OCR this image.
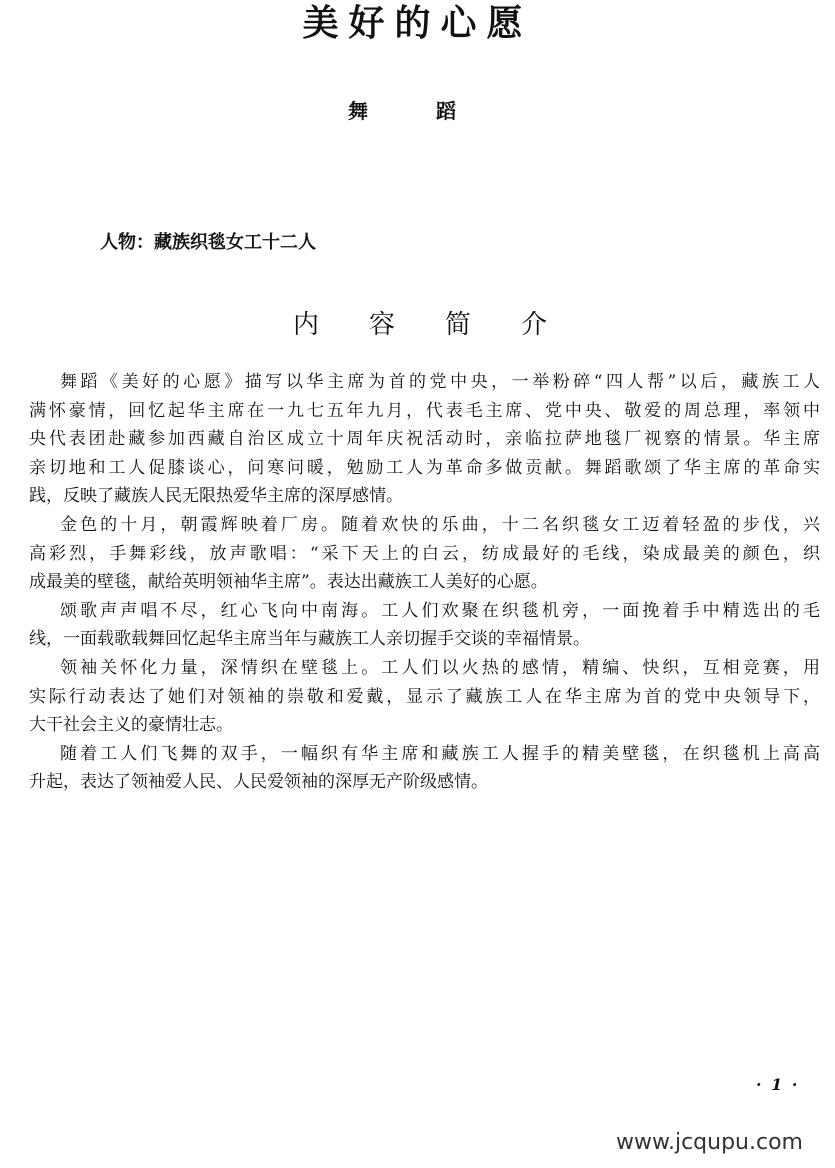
美好的心愿
舞蹈
人物：藏族织毯女工十二人
内容简介
舞蹈《美好的心愿》描写以华主席为首的党中央，一举粉碎“四人帮”以后，藏族工人
满怀豪情，回忆起华主席在一九七五年九月，代表毛主席、党中央、敬爱的周总理，率领中
央代表团赴藏参加西藏自治区成立十周年庆祝活动时，亲临拉萨地毯厂视察的情景。华主席
亲切地和工人促膝谈心，问寒问暖，勉励工人为革命多做贡献。舞蹈歌颂了华主席的革命实
践，反映了藏族人民无限热爱华主席的深厚感情。
金色的十月，朝霞辉映着厂房。随着欢快的乐曲，十二名织毯女工迈着轻盈的步伐，兴
高彩烈，手舞彩线，放声歌唱：“采下天上的白云，纺成最好的毛线，染成最美的颜色，织
成最美的壁毯，献给英明领袖华主席”。表达出藏族工人美好的心愿。
颂歌声声唱不尽，红心飞向中南海。工人们欢聚在织毯机旁，一面挽着手中精选出的毛
线，一面载歌载舞回忆起华主席当年与藏族工人亲切握手交谈的幸福情景。
领袖关怀化力量，深情织在壁毯上。工人们以火热的感情，精编、快织，互相竞赛，用
实际行动表达了她们对领袖的崇敬和爱戴，显示了藏族工人在华主席为首的党中央领导下，
大干社会主义的豪情壮志。
随着工人们飞舞的双手，一幅织有华主席和藏族工人握手的精美壁毯，在织毯机上高高
升起，表达了领袖爱人民、人民爱领袖的深厚无产阶级感情。
· 1 ·
www.jcqupu.com
